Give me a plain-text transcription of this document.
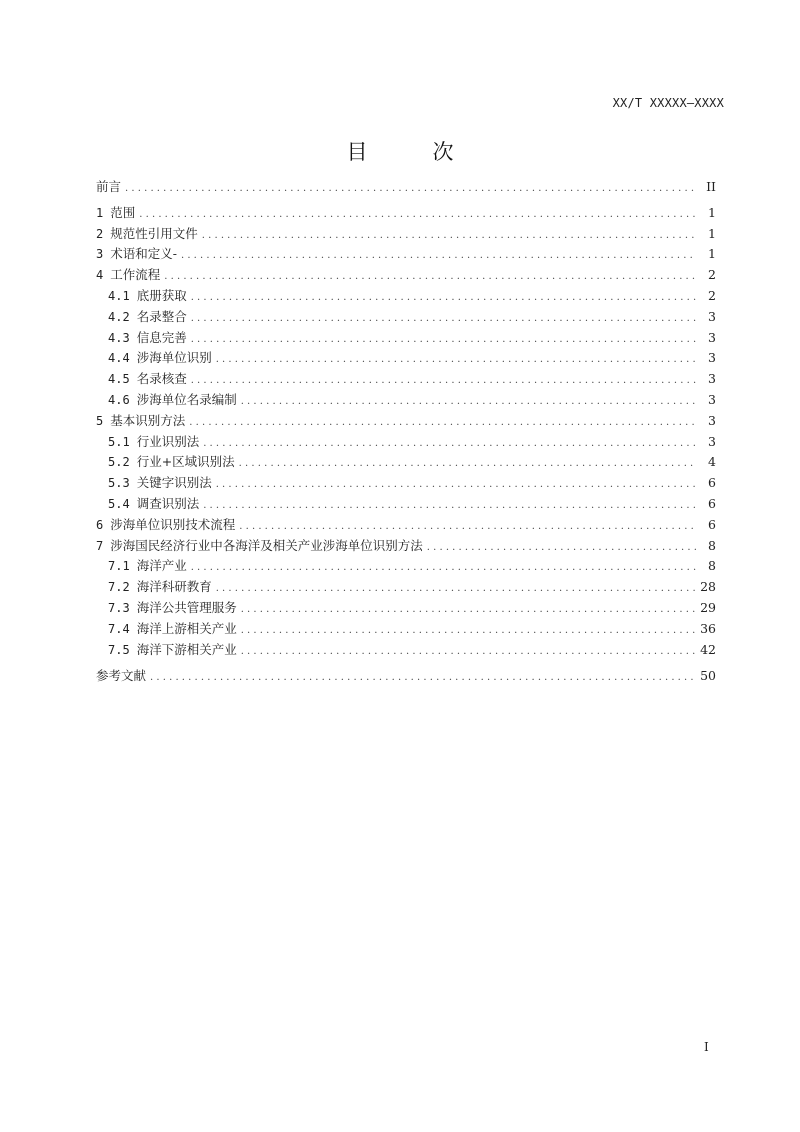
XX/T XXXXX—XXXX
目　次
前言 . . .	II
1 范围 . . .	1
2 规范性引用文件 . . .	1
3 术语和定义- . . .	1
4 工作流程 . . .	2
4.1 底册获取 . . .	2
4.2 名录整合 . . .	3
4.3 信息完善 . . .	3
4.4 涉海单位识别 . . .	3
4.5 名录核查 . . .	3
4.6 涉海单位名录编制 . . .	3
5 基本识别方法 . . .	3
5.1 行业识别法 . . .	3
5.2 行业+区域识别法 . . .	4
5.3 关键字识别法 . . .	6
5.4 调查识别法 . . .	6
6 涉海单位识别技术流程 . . .	6
7 涉海国民经济行业中各海洋及相关产业涉海单位识别方法 . . .	8
7.1 海洋产业 . . .	8
7.2 海洋科研教育 . . .	28
7.3 海洋公共管理服务 . . .	29
7.4 海洋上游相关产业 . . .	36
7.5 海洋下游相关产业 . . .	42
参考文献 . . .	50
I
